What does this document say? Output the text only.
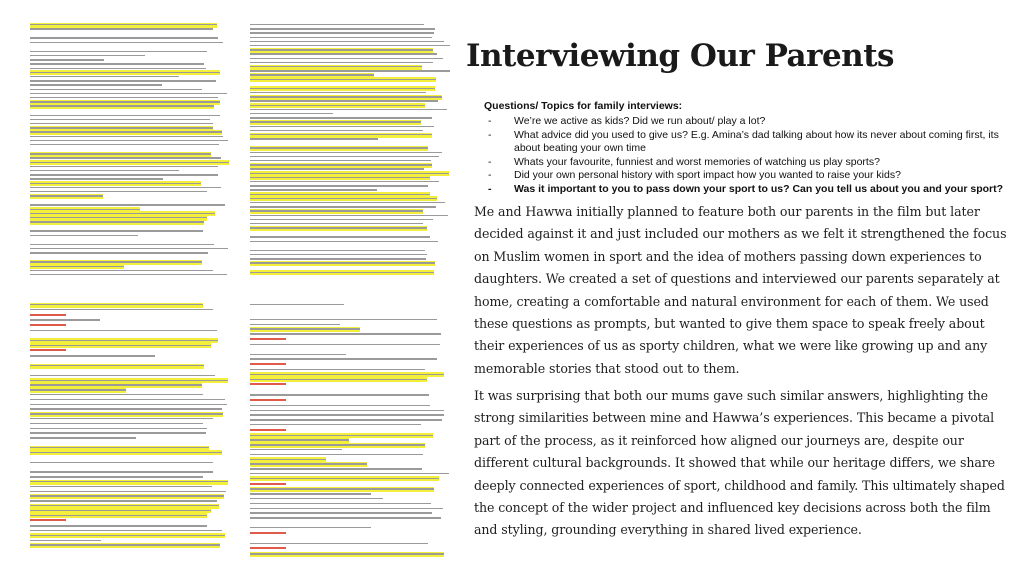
Interviewing Our Parents
Questions/ Topics for family interviews:
- We’re we active as kids? Did we run about/ play a lot?
- What advice did you used to give us? E.g. Amina’s dad talking about how its never about coming first, its about beating your own time
- Whats your favourite, funniest and worst memories of watching us play sports?
- Did your own personal history with sport impact how you wanted to raise your kids?
- Was it important to you to pass down your sport to us? Can you tell us about you and your sport?

Me and Hawwa initially planned to feature both our parents in the film but later decided against it and just included our mothers as we felt it strengthened the focus on Muslim women in sport and the idea of mothers passing down experiences to daughters. We created a set of questions and interviewed our parents separately at home, creating a comfortable and natural environment for each of them. We used these questions as prompts, but wanted to give them space to speak freely about their experiences of us as sporty children, what we were like growing up and any memorable stories that stood out to them.

It was surprising that both our mums gave such similar answers, highlighting the strong similarities between mine and Hawwa’s experiences. This became a pivotal part of the process, as it reinforced how aligned our journeys are, despite our different cultural backgrounds. It showed that while our heritage differs, we share deeply connected experiences of sport, childhood and family. This ultimately shaped the concept of the wider project and influenced key decisions across both the film and styling, grounding everything in shared lived experience.
